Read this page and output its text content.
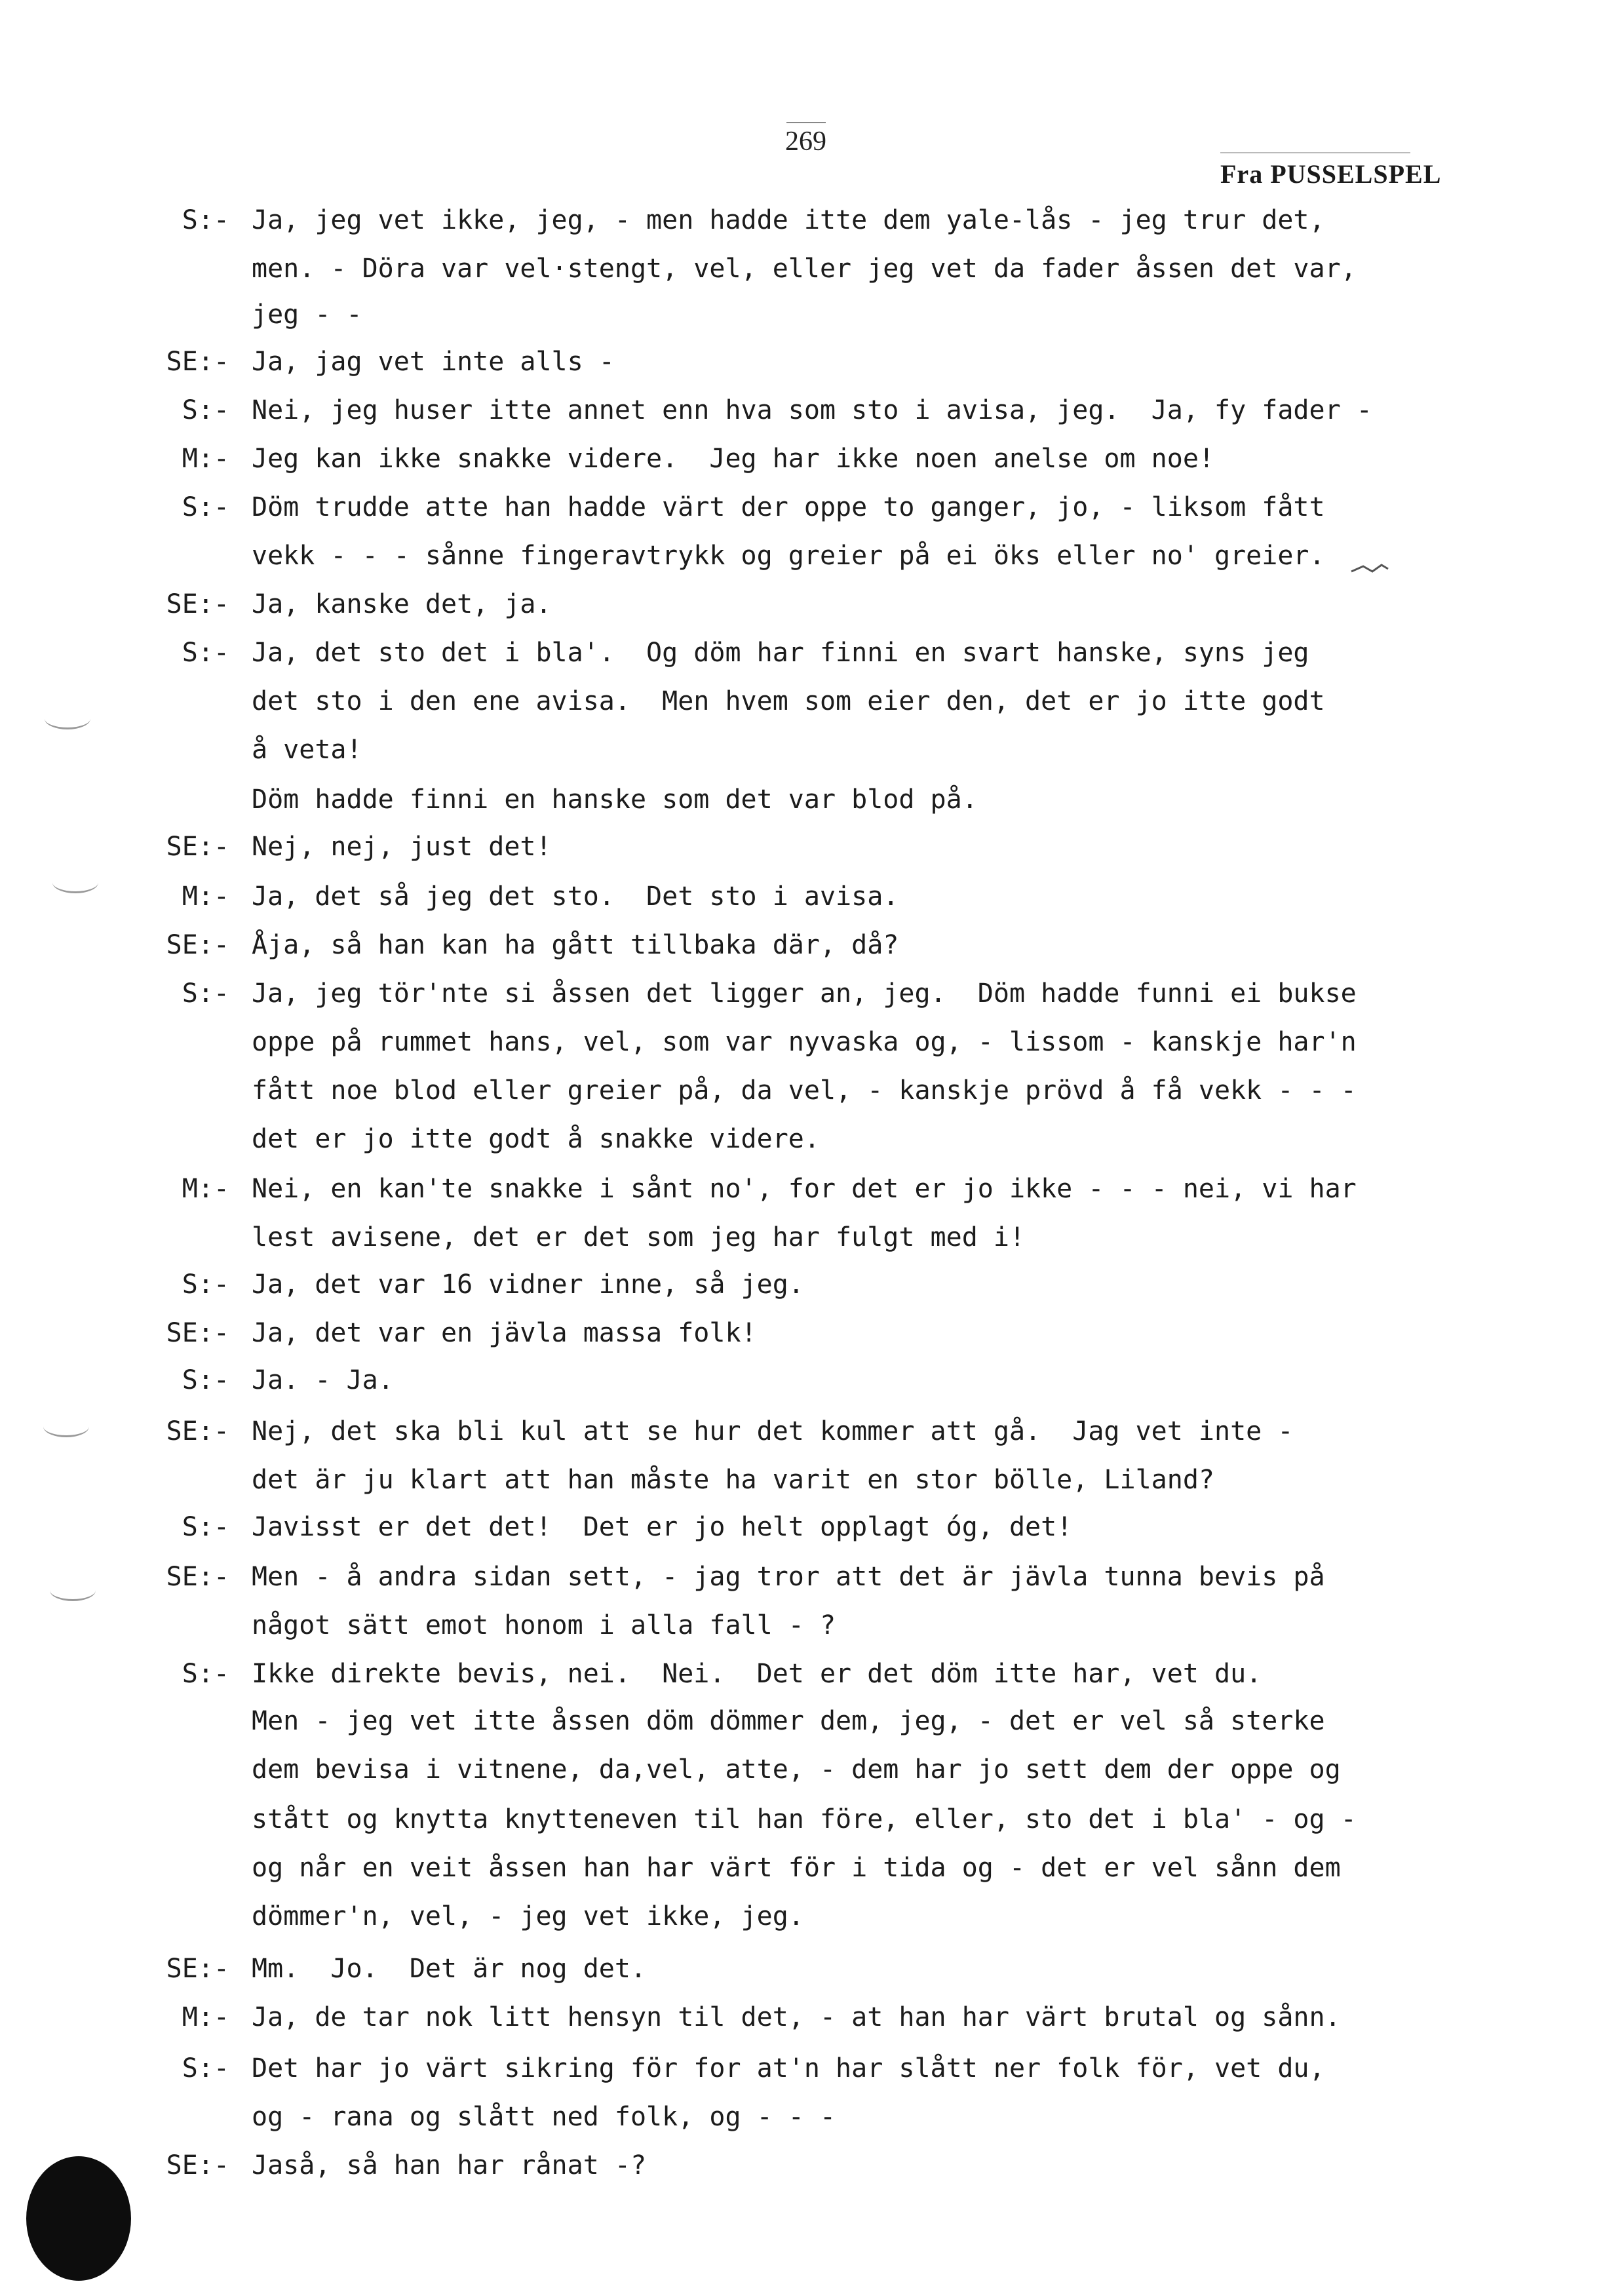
269
Fra PUSSELSPEL
S:- Ja, jeg vet ikke, jeg, - men hadde itte dem yale-lås - jeg trur det,
men. - Döra var vel·stengt, vel, eller jeg vet da fader åssen det var,
jeg - -
SE:- Ja, jag vet inte alls -
S:- Nei, jeg huser itte annet enn hva som sto i avisa, jeg.  Ja, fy fader -
M:- Jeg kan ikke snakke videre.  Jeg har ikke noen anelse om noe!
S:- Döm trudde atte han hadde värt der oppe to ganger, jo, - liksom fått
vekk - - - sånne fingeravtrykk og greier på ei öks eller no' greier.
SE:- Ja, kanske det, ja.
S:- Ja, det sto det i bla'.  Og döm har finni en svart hanske, syns jeg
det sto i den ene avisa.  Men hvem som eier den, det er jo itte godt
å veta!
Döm hadde finni en hanske som det var blod på.
SE:- Nej, nej, just det!
M:- Ja, det så jeg det sto.  Det sto i avisa.
SE:- Åja, så han kan ha gått tillbaka där, då?
S:- Ja, jeg tör'nte si åssen det ligger an, jeg.  Döm hadde funni ei bukse
oppe på rummet hans, vel, som var nyvaska og, - lissom - kanskje har'n
fått noe blod eller greier på, da vel, - kanskje prövd å få vekk - - -
det er jo itte godt å snakke videre.
M:- Nei, en kan'te snakke i sånt no', for det er jo ikke - - - nei, vi har
lest avisene, det er det som jeg har fulgt med i!
S:- Ja, det var 16 vidner inne, så jeg.
SE:- Ja, det var en jävla massa folk!
S:- Ja. - Ja.
SE:- Nej, det ska bli kul att se hur det kommer att gå.  Jag vet inte -
det är ju klart att han måste ha varit en stor bölle, Liland?
S:- Javisst er det det!  Det er jo helt opplagt óg, det!
SE:- Men - å andra sidan sett, - jag tror att det är jävla tunna bevis på
något sätt emot honom i alla fall - ?
S:- Ikke direkte bevis, nei.  Nei.  Det er det döm itte har, vet du.
Men - jeg vet itte åssen döm dömmer dem, jeg, - det er vel så sterke
dem bevisa i vitnene, da,vel, atte, - dem har jo sett dem der oppe og
stått og knytta knytteneven til han före, eller, sto det i bla' - og -
og når en veit åssen han har värt för i tida og - det er vel sånn dem
dömmer'n, vel, - jeg vet ikke, jeg.
SE:- Mm.  Jo.  Det är nog det.
M:- Ja, de tar nok litt hensyn til det, - at han har värt brutal og sånn.
S:- Det har jo värt sikring för for at'n har slått ner folk för, vet du,
og - rana og slått ned folk, og - - -
SE:- Jaså, så han har rånat -?
